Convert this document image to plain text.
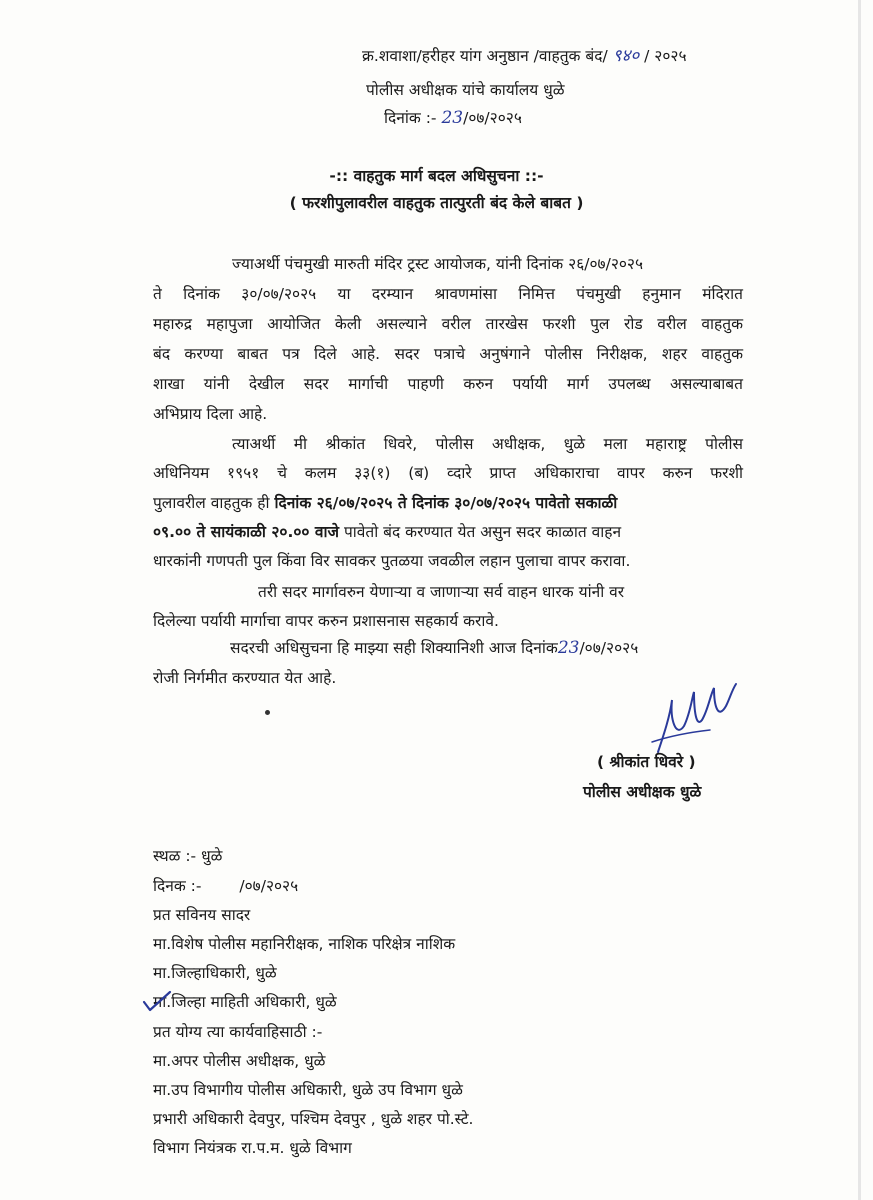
क्र.शवाशा/हरीहर यांग अनुष्ठान /वाहतुक बंद/ ९४० / २०२५
पोलीस अधीक्षक यांचे कार्यालय धुळे
दिनांक :- 23/०७/२०२५
-:: वाहतुक मार्ग बदल अधिसुचना ::-
( फरशीपुलावरील वाहतुक तात्पुरती बंद केले बाबत )
ज्याअर्थी पंचमुखी मारुती मंदिर ट्रस्ट आयोजक, यांनी दिनांक २६/०७/२०२५
ते दिनांक ३०/०७/२०२५ या दरम्यान श्रावणमांसा निमित्त पंचमुखी हनुमान मंदिरात
महारुद्र महापुजा आयोजित केली असल्याने वरील तारखेस फरशी पुल रोड वरील वाहतुक
बंद करण्या बाबत पत्र दिले आहे. सदर पत्राचे अनुषंगाने पोलीस निरीक्षक, शहर वाहतुक
शाखा यांनी देखील सदर मार्गाची पाहणी करुन पर्यायी मार्ग उपलब्ध असल्याबाबत
अभिप्राय दिला आहे.
त्याअर्थी मी श्रीकांत धिवरे, पोलीस अधीक्षक, धुळे मला महाराष्ट्र पोलीस
अधिनियम १९५१ चे कलम ३३(१) (ब) व्दारे प्राप्त अधिकाराचा वापर करुन फरशी
पुलावरील वाहतुक ही दिनांक २६/०७/२०२५ ते दिनांक ३०/०७/२०२५ पावेतो सकाळी
०९.०० ते सायंकाळी २०.०० वाजे पावेतो बंद करण्यात येत असुन सदर काळात वाहन
धारकांनी गणपती पुल किंवा विर सावकर पुतळया जवळील लहान पुलाचा वापर करावा.
तरी सदर मार्गावरुन येणाऱ्या व जाणाऱ्या सर्व वाहन धारक यांनी वर
दिलेल्या पर्यायी मार्गाचा वापर करुन प्रशासनास सहकार्य करावे.
सदरची अधिसुचना हि माझ्या सही शिक्यानिशी आज दिनांक23/०७/२०२५
रोजी निर्गमीत करण्यात येत आहे.
( श्रीकांत धिवरे )
पोलीस अधीक्षक धुळे
स्थळ :- धुळे
दिनक :- /०७/२०२५
प्रत सविनय सादर
मा.विशेष पोलीस महानिरीक्षक, नाशिक परिक्षेत्र नाशिक
मा.जिल्हाधिकारी, धुळे
मा.जिल्हा माहिती अधिकारी, धुळे
प्रत योग्य त्या कार्यवाहिसाठी :-
मा.अपर पोलीस अधीक्षक, धुळे
मा.उप विभागीय पोलीस अधिकारी, धुळे उप विभाग धुळे
प्रभारी अधिकारी देवपुर, पश्चिम देवपुर , धुळे शहर पो.स्टे.
विभाग नियंत्रक रा.प.म. धुळे विभाग
